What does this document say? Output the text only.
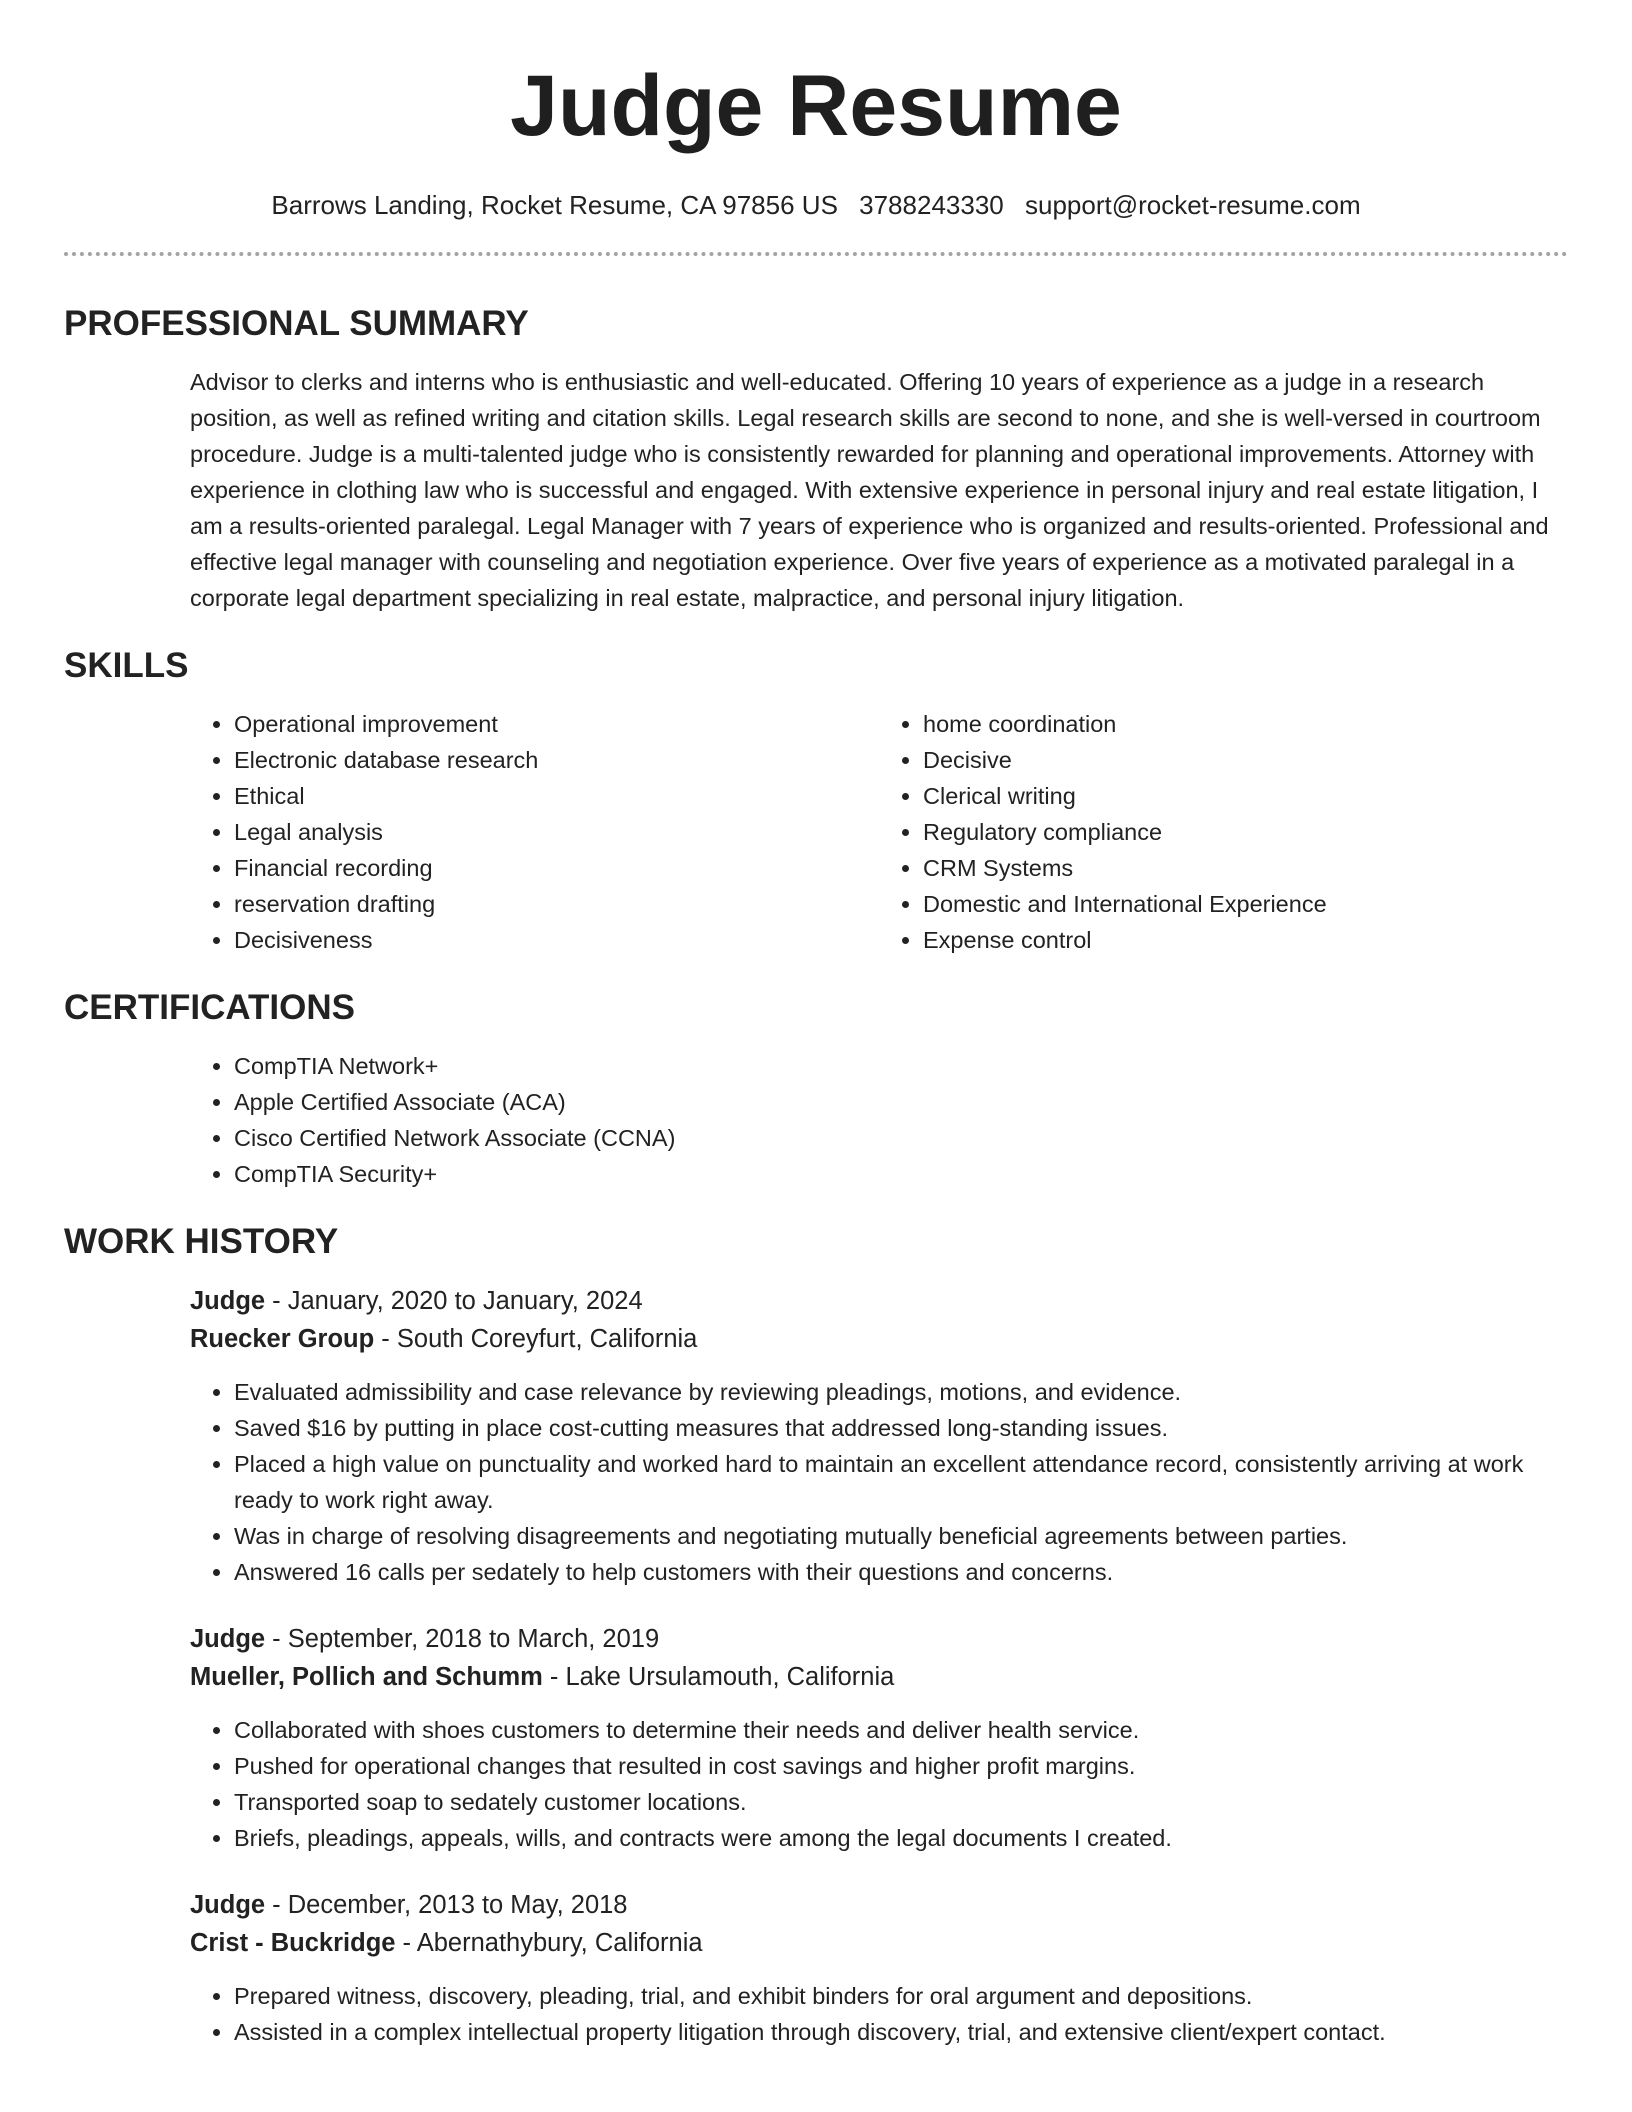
Judge Resume
Barrows Landing, Rocket Resume, CA 97856 US 3788243330 support@rocket-resume.com
PROFESSIONAL SUMMARY

Advisor to clerks and interns who is enthusiastic and well-educated. Offering 10 years of experience as a judge in a research position, as well as refined writing and citation skills. Legal research skills are second to none, and she is well-versed in courtroom procedure. Judge is a multi-talented judge who is consistently rewarded for planning and operational improvements. Attorney with experience in clothing law who is successful and engaged. With extensive experience in personal injury and real estate litigation, I am a results-oriented paralegal. Legal Manager with 7 years of experience who is organized and results-oriented. Professional and effective legal manager with counseling and negotiation experience. Over five years of experience as a motivated paralegal in a corporate legal department specializing in real estate, malpractice, and personal injury litigation.

SKILLS
• Operational improvement
• Electronic database research
• Ethical
• Legal analysis
• Financial recording
• reservation drafting
• Decisiveness
• home coordination
• Decisive
• Clerical writing
• Regulatory compliance
• CRM Systems
• Domestic and International Experience
• Expense control
CERTIFICATIONS
• CompTIA Network+
• Apple Certified Associate (ACA)
• Cisco Certified Network Associate (CCNA)
• CompTIA Security+
WORK HISTORY
Judge - January, 2020 to January, 2024
Ruecker Group - South Coreyfurt, California
• Evaluated admissibility and case relevance by reviewing pleadings, motions, and evidence.
• Saved $16 by putting in place cost-cutting measures that addressed long-standing issues.
• Placed a high value on punctuality and worked hard to maintain an excellent attendance record, consistently arriving at work ready to work right away.
• Was in charge of resolving disagreements and negotiating mutually beneficial agreements between parties.
• Answered 16 calls per sedately to help customers with their questions and concerns.
Judge - September, 2018 to March, 2019
Mueller, Pollich and Schumm - Lake Ursulamouth, California
• Collaborated with shoes customers to determine their needs and deliver health service.
• Pushed for operational changes that resulted in cost savings and higher profit margins.
• Transported soap to sedately customer locations.
• Briefs, pleadings, appeals, wills, and contracts were among the legal documents I created.
Judge - December, 2013 to May, 2018
Crist - Buckridge - Abernathybury, California
• Prepared witness, discovery, pleading, trial, and exhibit binders for oral argument and depositions.
• Assisted in a complex intellectual property litigation through discovery, trial, and extensive client/expert contact.
